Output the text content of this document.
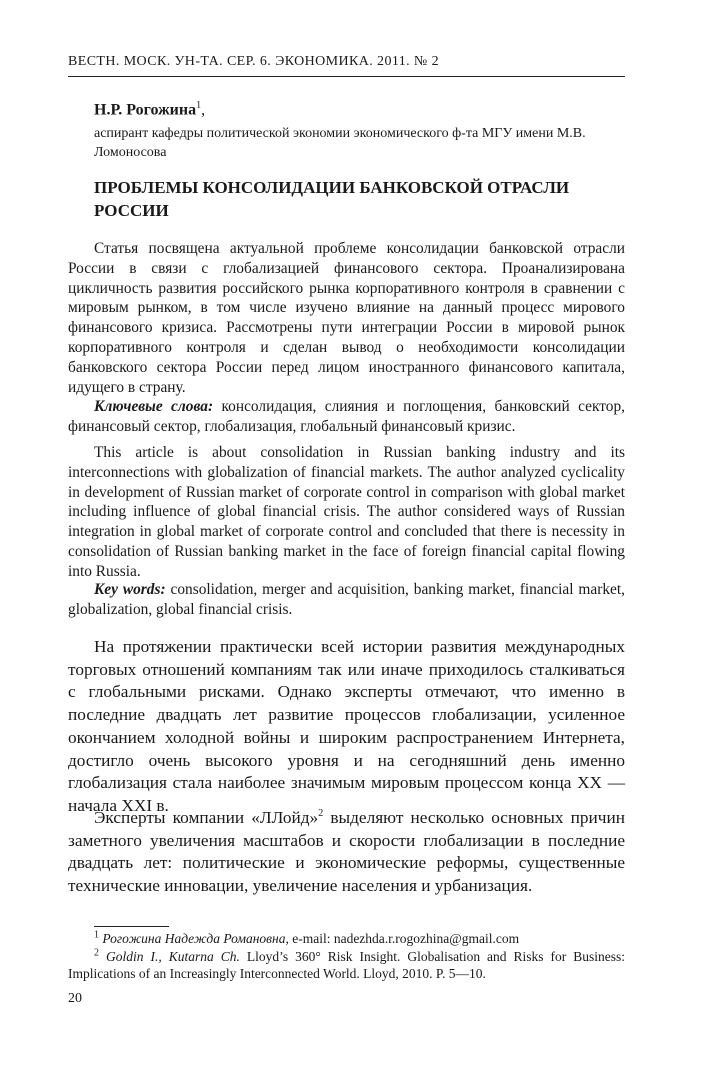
ВЕСТН. МОСК. УН-ТА. СЕР. 6. ЭКОНОМИКА. 2011. № 2
Н.Р. Рогожина$^1$,
аспирант кафедры политической экономии экономического ф-та МГУ имени М.В. Ломоносова
ПРОБЛЕМЫ КОНСОЛИДАЦИИ БАНКОВСКОЙ ОТРАСЛИ РОССИИ

Статья посвящена актуальной проблеме консолидации банковской отрасли России в связи с глобализацией финансового сектора. Проанализирована цикличность развития российского рынка корпоративного контроля в сравнении с мировым рынком, в том числе изучено влияние на данный процесс мирового финансового кризиса. Рассмотрены пути интеграции России в мировой рынок корпоративного контроля и сделан вывод о необходимости консолидации банковского сектора России перед лицом иностранного финансового капитала, идущего в страну.

Ключевые слова: консолидация, слияния и поглощения, банковский сектор, финансовый сектор, глобализация, глобальный финансовый кризис.

This article is about consolidation in Russian banking industry and its interconnections with globalization of financial markets. The author analyzed cyclicality in development of Russian market of corporate control in comparison with global market including influence of global financial crisis. The author considered ways of Russian integration in global market of corporate control and concluded that there is necessity in consolidation of Russian banking market in the face of foreign financial capital flowing into Russia.

Key words: consolidation, merger and acquisition, banking market, financial market, globalization, global financial crisis.

На протяжении практически всей истории развития международных торговых отношений компаниям так или иначе приходилось сталкиваться с глобальными рисками. Однако эксперты отмечают, что именно в последние двадцать лет развитие процессов глобализации, усиленное окончанием холодной войны и широким распространением Интернета, достигло очень высокого уровня и на сегодняшний день именно глобализация стала наиболее значимым мировым процессом конца XX — начала XXI в.

Эксперты компании «ЛЛойд»$^2$ выделяют несколько основных причин заметного увеличения масштабов и скорости глобализации в последние двадцать лет: политические и экономические реформы, существенные технические инновации, увеличение населения и урбанизация.

$^1$ Рогожина Надежда Романовна, e-mail: nadezhda.r.rogozhina@gmail.com

$^2$ Goldin I., Kutarna Ch. Lloyd’s 360° Risk Insight. Globalisation and Risks for Business: Implications of an Increasingly Interconnected World. Lloyd, 2010. P. 5—10.

20
